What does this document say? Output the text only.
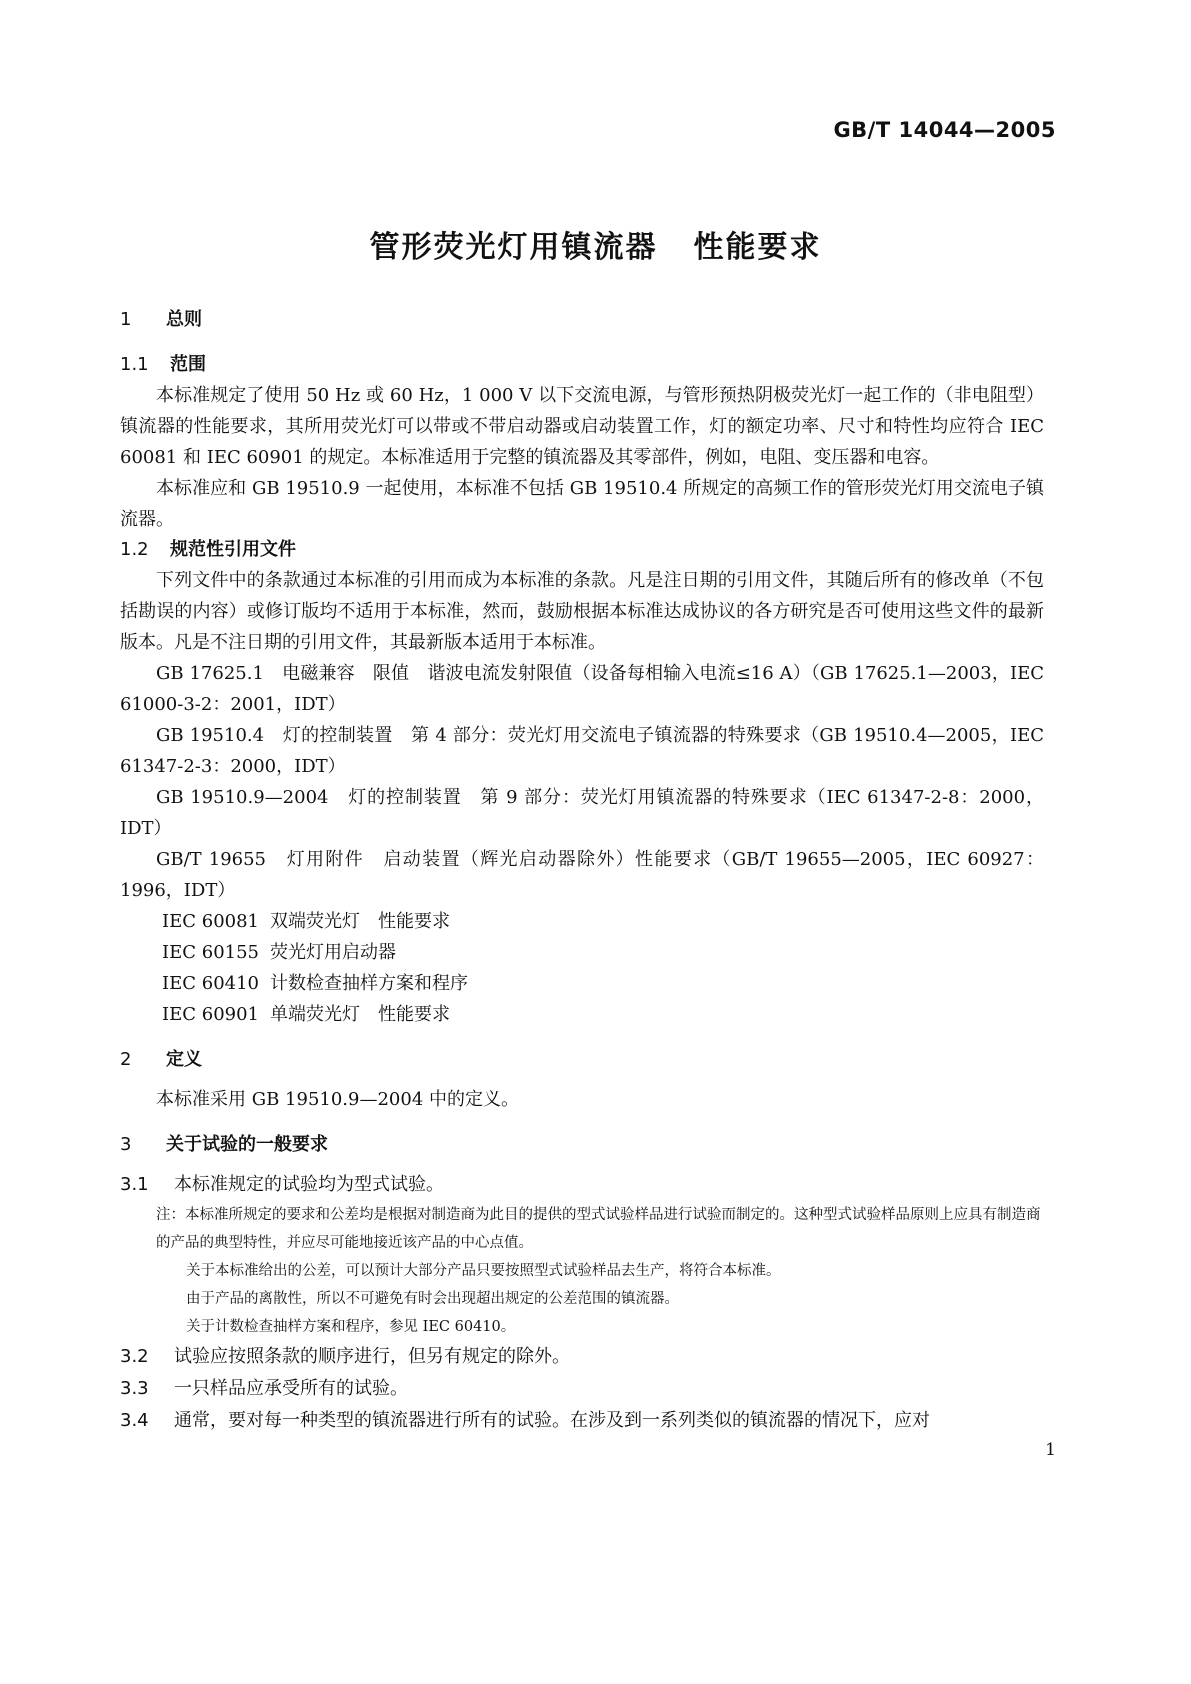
GB/T 14044—2005
管形荧光灯用镇流器 性能要求
1 总则
1.1 范围

本标准规定了使用 50 Hz 或 60 Hz，1 000 V 以下交流电源，与管形预热阴极荧光灯一起工作的（非电阻型）镇流器的性能要求，其所用荧光灯可以带或不带启动器或启动装置工作，灯的额定功率、尺寸和特性均应符合 IEC 60081 和 IEC 60901 的规定。本标准适用于完整的镇流器及其零部件，例如，电阻、变压器和电容。

本标准应和 GB 19510.9 一起使用，本标准不包括 GB 19510.4 所规定的高频工作的管形荧光灯用交流电子镇流器。

1.2 规范性引用文件

下列文件中的条款通过本标准的引用而成为本标准的条款。凡是注日期的引用文件，其随后所有的修改单（不包括勘误的内容）或修订版均不适用于本标准，然而，鼓励根据本标准达成协议的各方研究是否可使用这些文件的最新版本。凡是不注日期的引用文件，其最新版本适用于本标准。

GB 17625.1　电磁兼容　限值　谐波电流发射限值（设备每相输入电流≤16 A）（GB 17625.1—2003，IEC 61000-3-2：2001，IDT）

GB 19510.4　灯的控制装置　第 4 部分：荧光灯用交流电子镇流器的特殊要求（GB 19510.4—2005，IEC 61347-2-3：2000，IDT）

GB 19510.9—2004　灯的控制装置　第 9 部分：荧光灯用镇流器的特殊要求（IEC 61347-2-8：2000，IDT）

GB/T 19655　灯用附件　启动装置（辉光启动器除外）性能要求（GB/T 19655—2005，IEC 60927：1996，IDT）

IEC 60081 双端荧光灯　性能要求

IEC 60155 荧光灯用启动器

IEC 60410 计数检查抽样方案和程序

IEC 60901 单端荧光灯　性能要求

2 定义

本标准采用 GB 19510.9—2004 中的定义。

3 关于试验的一般要求

3.1 本标准规定的试验均为型式试验。

注：本标准所规定的要求和公差均是根据对制造商为此目的提供的型式试验样品进行试验而制定的。这种型式试验样品原则上应具有制造商的产品的典型特性，并应尽可能地接近该产品的中心点值。

关于本标准给出的公差，可以预计大部分产品只要按照型式试验样品去生产，将符合本标准。

由于产品的离散性，所以不可避免有时会出现超出规定的公差范围的镇流器。

关于计数检查抽样方案和程序，参见 IEC 60410。

3.2 试验应按照条款的顺序进行，但另有规定的除外。

3.3 一只样品应承受所有的试验。

3.4 通常，要对每一种类型的镇流器进行所有的试验。在涉及到一系列类似的镇流器的情况下，应对

1
